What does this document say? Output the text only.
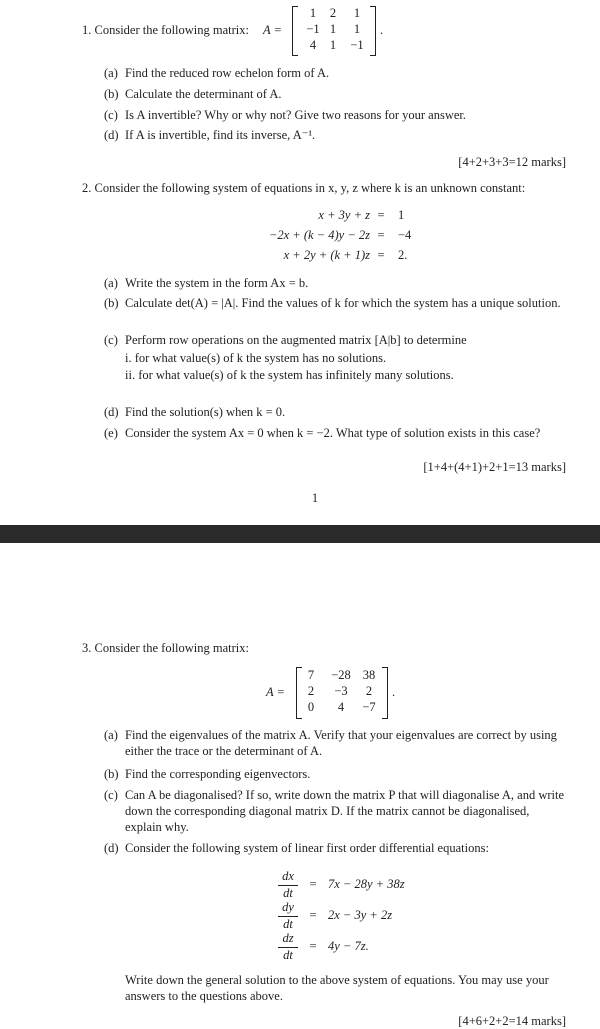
1. Consider the following matrix: A =
1	2	1
−1 1	1
4	1	−1
.
(a) Find the reduced row echelon form of A.
(b) Calculate the determinant of A.
(c) Is A invertible? Why or why not? Give two reasons for your answer.
(d) If A is invertible, find its inverse, A⁻¹.
[4+2+3+3=12 marks]
2. Consider the following system of equations in x, y, z where k is an unknown constant:
x + 3y + z = 1
−2x + (k − 4)y − 2z = −4
x + 2y + (k + 1)z = 2.
(a) Write the system in the form Ax = b.
(b) Calculate det(A) = |A|. Find the values of k for which the system has a unique solution.
(c) Perform row operations on the augmented matrix [A|b] to determine
i. for what value(s) of k the system has no solutions.
ii. for what value(s) of k the system has infinitely many solutions.
(d) Find the solution(s) when k = 0.
(e) Consider the system Ax = 0 when k = −2. What type of solution exists in this case?
[1+4+(4+1)+2+1=13 marks]
1
3. Consider the following matrix:
A =
7	−28 38
2	−3	2
0	4	−7
.
(a) Find the eigenvalues of the matrix A. Verify that your eigenvalues are correct by using either the trace or the determinant of A.
(b) Find the corresponding eigenvectors.
(c) Can A be diagonalised? If so, write down the matrix P that will diagonalise A, and write down the corresponding diagonal matrix D. If the matrix cannot be diagonalised, explain why.
(d) Consider the following system of linear first order differential equations:
dx
dt
= 7x − 28y + 38z
dy
dt
= 2x − 3y + 2z
dz
dt
= 4y − 7z.
Write down the general solution to the above system of equations. You may use your answers to the questions above.
[4+6+2+2=14 marks]
